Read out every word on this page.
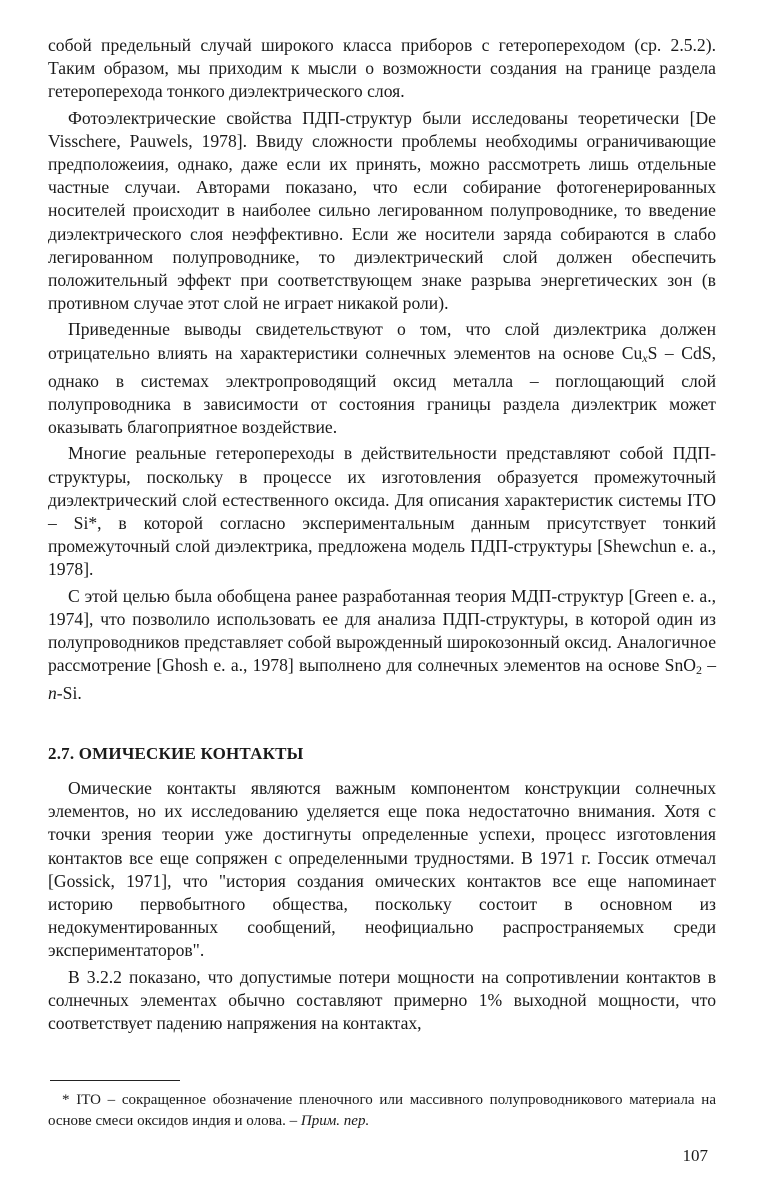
собой предельный случай широкого класса приборов с гетеропереходом (ср. 2.5.2). Таким образом, мы приходим к мысли о возможности создания на границе раздела гетероперехода тонкого диэлектрического слоя.

Фотоэлектрические свойства ПДП-структур были исследованы теоретически [De Visschere, Pauwels, 1978]. Ввиду сложности проблемы необходимы ограничивающие предположеиия, однако, даже если их принять, можно рассмотреть лишь отдельные частные случаи. Авторами показано, что если собирание фотогенерированных носителей происходит в наиболее сильно легированном полупроводнике, то введение диэлектрического слоя неэффективно. Если же носители заряда собираются в слабо легированном полупроводнике, то диэлектрический слой должен обеспечить положительный эффект при соответствующем знаке разрыва энергетических зон (в противном случае этот слой не играет никакой роли).

Приведенные выводы свидетельствуют о том, что слой диэлектрика должен отрицательно влиять на характеристики солнечных элементов на основе $Cu_xS$ – CdS, однако в системах электропроводящий оксид металла – поглощающий слой полупроводника в зависимости от состояния границы раздела диэлектрик может оказывать благоприятное воздействие.

Многие реальные гетеропереходы в действительности представляют собой ПДП-структуры, поскольку в процессе их изготовления образуется промежуточный диэлектрический слой естественного оксида. Для описания характеристик системы ITO – Si*, в которой согласно экспериментальным данным присутствует тонкий промежуточный слой диэлектрика, предложена модель ПДП-структуры [Shewchun e. a., 1978].

С этой целью была обобщена ранее разработанная теория МДП-структур [Green e. a., 1974], что позволило использовать ее для анализа ПДП-структуры, в которой один из полупроводников представляет собой вырожденный широкозонный оксид. Аналогичное рассмотрение [Ghosh e. a., 1978] выполнено для солнечных элементов на основе SnO$_2$ – n-Si.

2.7. ОМИЧЕСКИЕ КОНТАКТЫ

Омические контакты являются важным компонентом конструкции солнечных элементов, но их исследованию уделяется еще пока недостаточно внимания. Хотя с точки зрения теории уже достигнуты определенные успехи, процесс изготовления контактов все еще сопряжен с определенными трудностями. В 1971 г. Госсик отмечал [Gossick, 1971], что "история создания омических контактов все еще напоминает историю первобытного общества, поскольку состоит в основном из недокументированных сообщений, неофициально распространяемых среди экспериментаторов".

В 3.2.2 показано, что допустимые потери мощности на сопротивлении контактов в солнечных элементах обычно составляют примерно 1% выходной мощности, что соответствует падению напряжения на контактах,

* ITO – сокращенное обозначение пленочного или массивного полупроводникового материала на основе смеси оксидов индия и олова. – Прим. пер.
107
